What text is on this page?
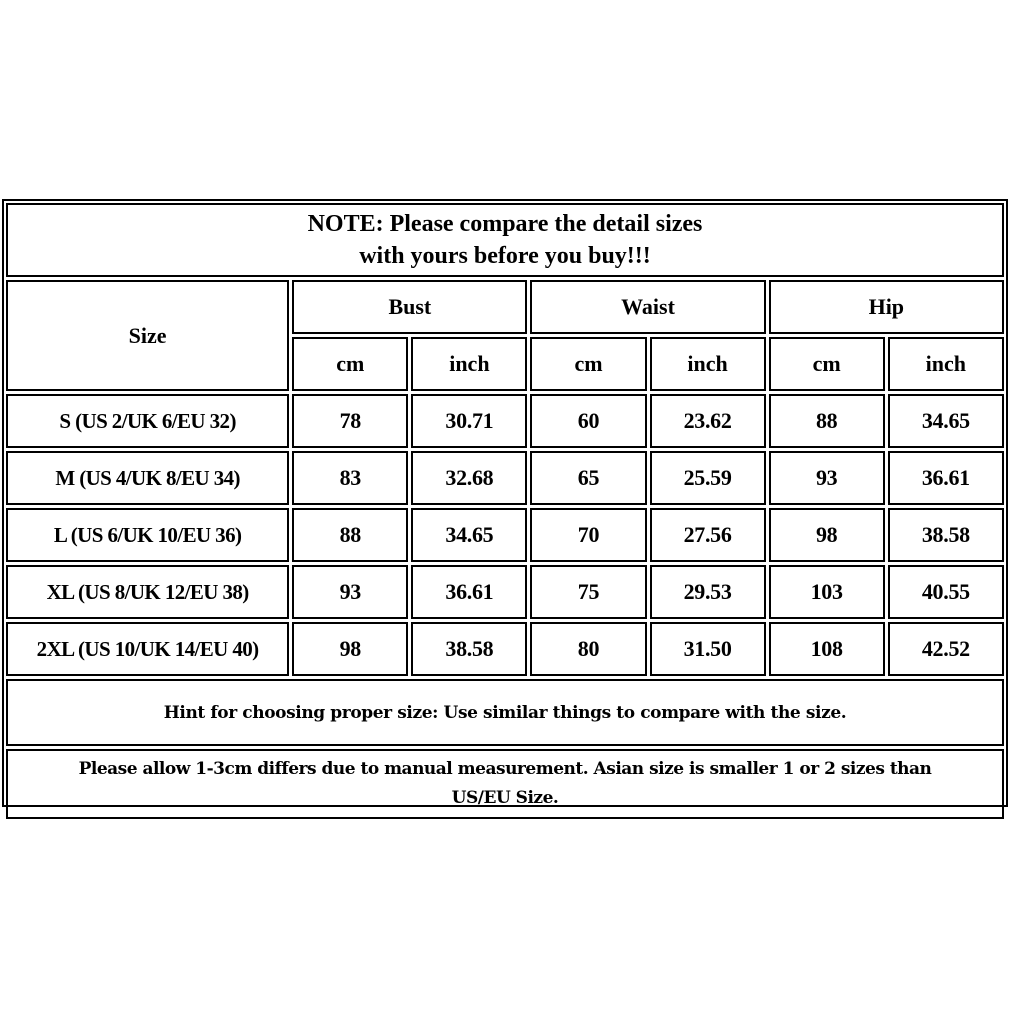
NOTE: Please compare the detail sizes
with yours before you buy!!!						

Size	Bust		Waist		Hip	
	cm	inch	cm	inch	cm	inch
S (US 2/UK 6/EU 32)	78	30.71	60	23.62	88	34.65
M (US 4/UK 8/EU 34)	83	32.68	65	25.59	93	36.61
L (US 6/UK 10/EU 36)	88	34.65	70	27.56	98	38.58
XL (US 8/UK 12/EU 38)	93	36.61	75	29.53	103	40.55
2XL (US 10/UK 14/EU 40)	98	38.58	80	31.50	108	42.52
Hint for choosing proper size: Use similar things to compare with the size.						

Please allow 1-3cm differs due to manual measurement. Asian size is smaller 1 or 2 sizes than
US/EU Size.						
